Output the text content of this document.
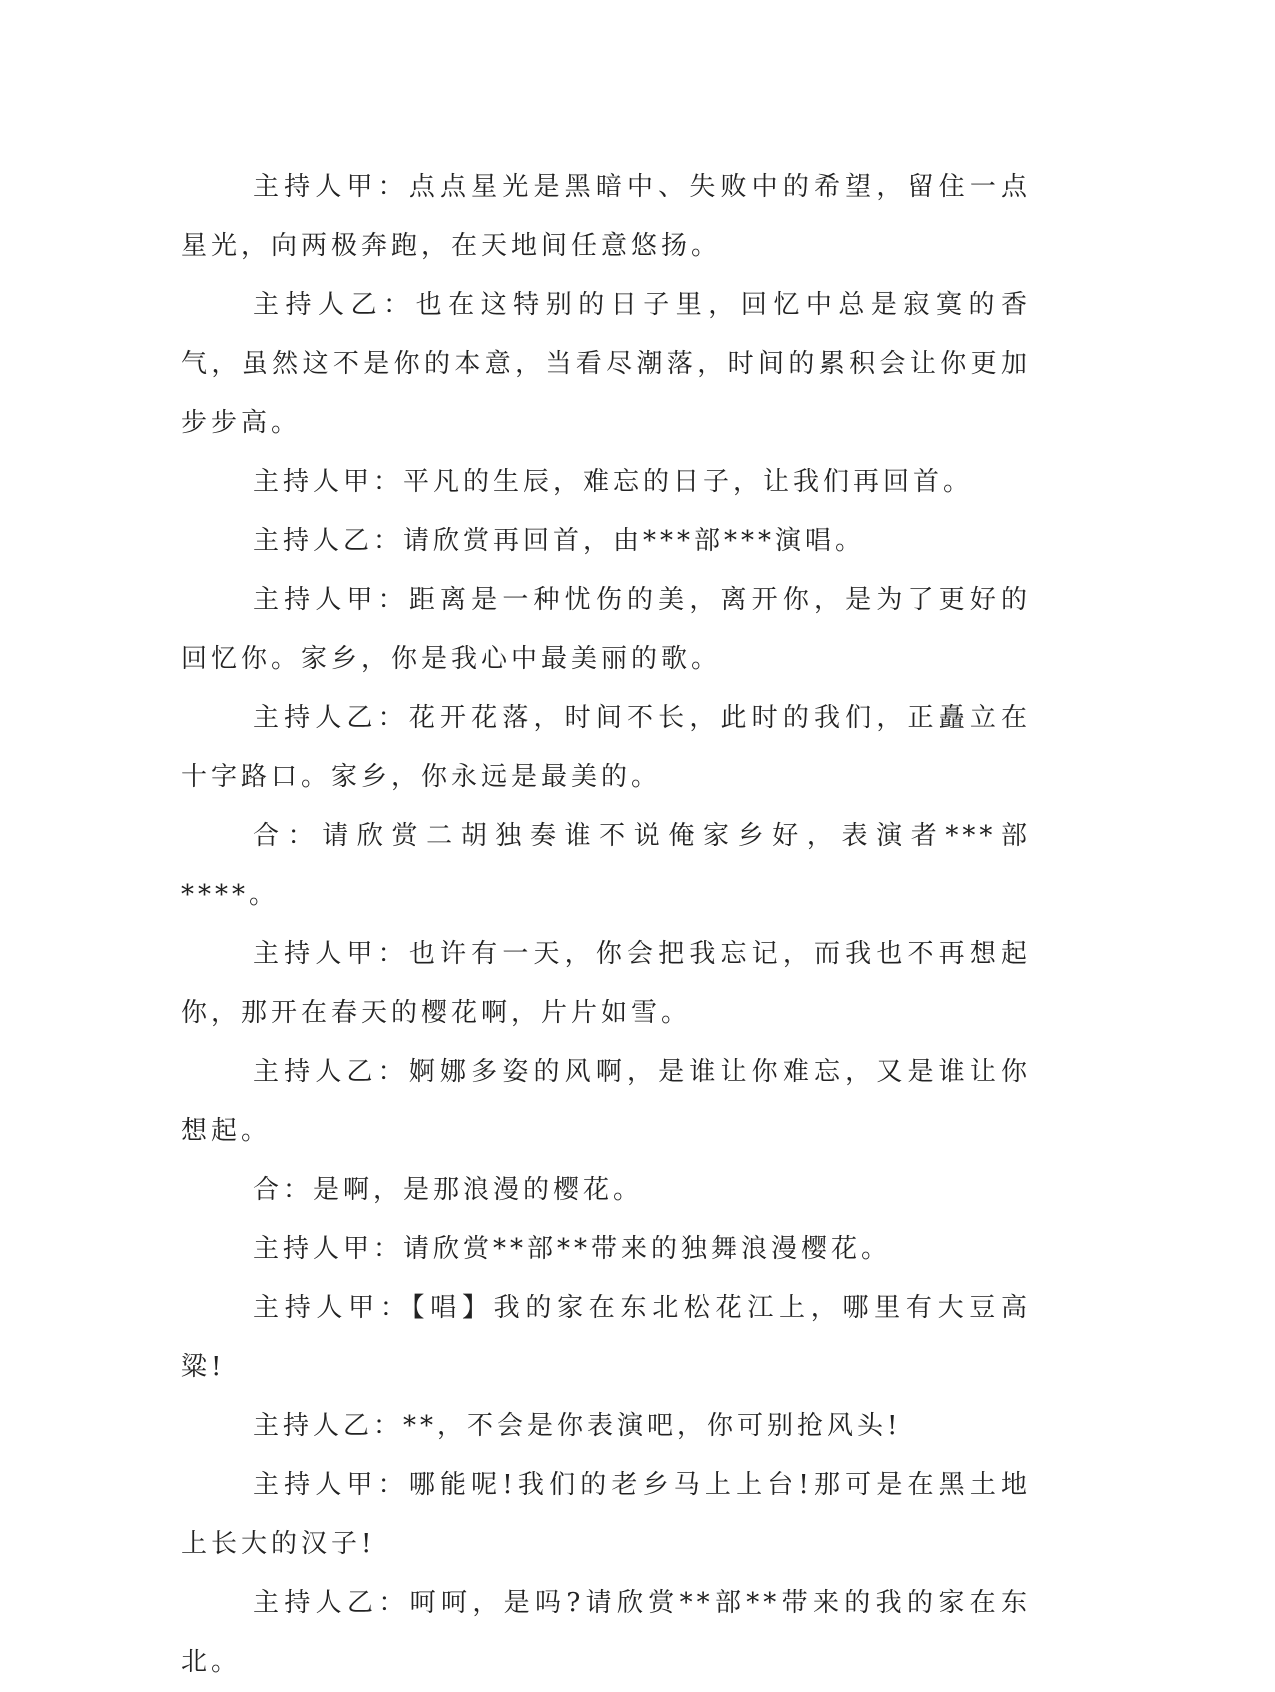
主持人甲：点点星光是黑暗中、失败中的希望，留住一点星光，向两极奔跑，在天地间任意悠扬。

主持人乙：也在这特别的日子里，回忆中总是寂寞的香气，虽然这不是你的本意，当看尽潮落，时间的累积会让你更加步步高。

主持人甲：平凡的生辰，难忘的日子，让我们再回首。

主持人乙：请欣赏再回首，由***部***演唱。

主持人甲：距离是一种忧伤的美，离开你，是为了更好的回忆你。家乡，你是我心中最美丽的歌。

主持人乙：花开花落，时间不长，此时的我们，正矗立在十字路口。家乡，你永远是最美的。

合：请欣赏二胡独奏谁不说俺家乡好，表演者***部****。

主持人甲：也许有一天，你会把我忘记，而我也不再想起你，那开在春天的樱花啊，片片如雪。

主持人乙：婀娜多姿的风啊，是谁让你难忘，又是谁让你想起。

合：是啊，是那浪漫的樱花。

主持人甲：请欣赏**部**带来的独舞浪漫樱花。

主持人甲：【唱】我的家在东北松花江上，哪里有大豆高粱!

主持人乙：**，不会是你表演吧，你可别抢风头!

主持人甲：哪能呢!我们的老乡马上上台!那可是在黑土地上长大的汉子!

主持人乙：呵呵，是吗?请欣赏**部**带来的我的家在东北。
